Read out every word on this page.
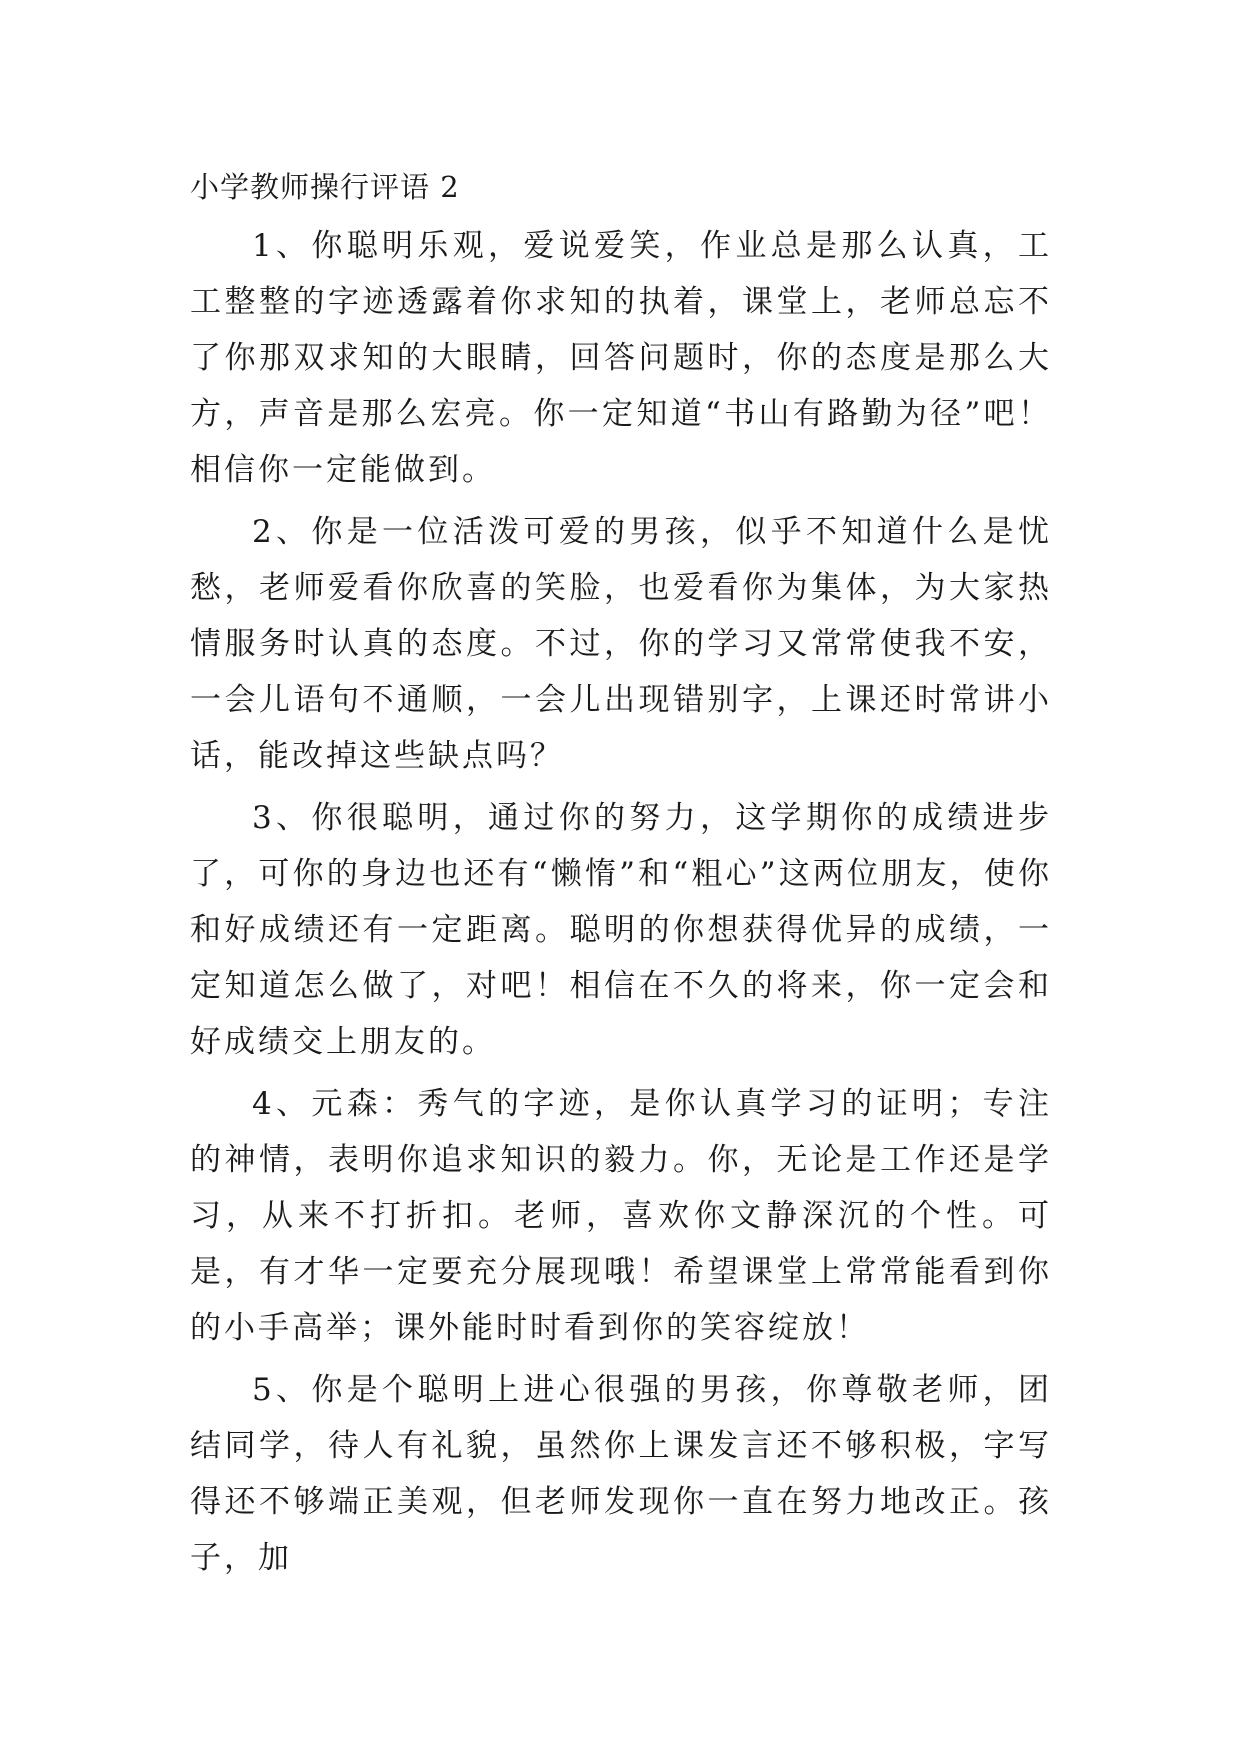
小学教师操行评语 2

1、你聪明乐观，爱说爱笑，作业总是那么认真，工工整整的字迹透露着你求知的执着，课堂上，老师总忘不了你那双求知的大眼睛，回答问题时，你的态度是那么大方，声音是那么宏亮。你一定知道“书山有路勤为径”吧！相信你一定能做到。

2、你是一位活泼可爱的男孩，似乎不知道什么是忧愁，老师爱看你欣喜的笑脸，也爱看你为集体，为大家热情服务时认真的态度。不过，你的学习又常常使我不安，一会儿语句不通顺，一会儿出现错别字，上课还时常讲小话，能改掉这些缺点吗？

3、你很聪明，通过你的努力，这学期你的成绩进步了，可你的身边也还有“懒惰”和“粗心”这两位朋友，使你和好成绩还有一定距离。聪明的你想获得优异的成绩，一定知道怎么做了，对吧！相信在不久的将来，你一定会和好成绩交上朋友的。

4、元森：秀气的字迹，是你认真学习的证明；专注的神情，表明你追求知识的毅力。你，无论是工作还是学习，从来不打折扣。老师，喜欢你文静深沉的个性。可是，有才华一定要充分展现哦！希望课堂上常常能看到你的小手高举；课外能时时看到你的笑容绽放！

5、你是个聪明上进心很强的男孩，你尊敬老师，团结同学，待人有礼貌，虽然你上课发言还不够积极，字写得还不够端正美观，但老师发现你一直在努力地改正。孩子，加
